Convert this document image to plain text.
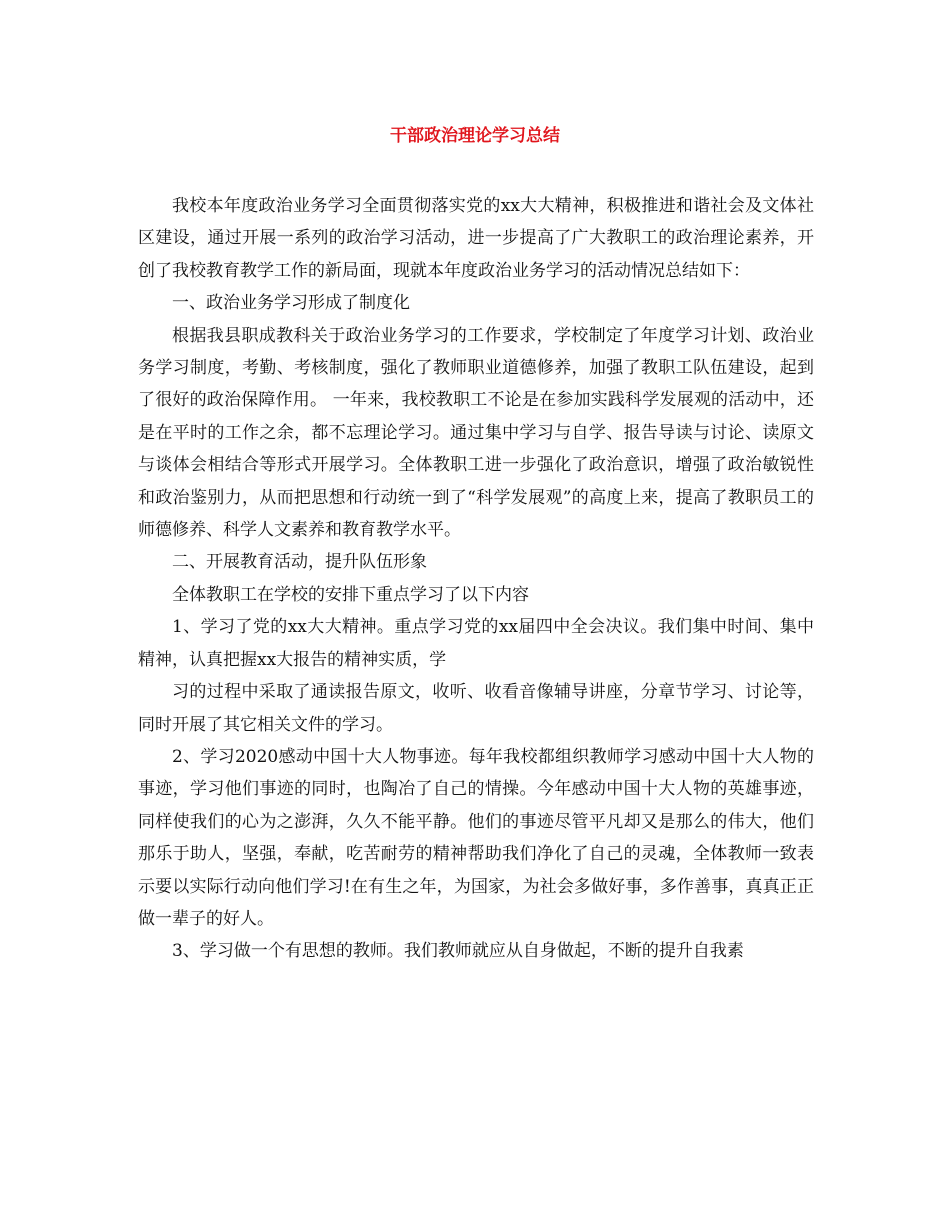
干部政治理论学习总结

我校本年度政治业务学习全面贯彻落实党的xx大大精神，积极推进和谐社会及文体社区建设，通过开展一系列的政治学习活动，进一步提高了广大教职工的政治理论素养，开创了我校教育教学工作的新局面，现就本年度政治业务学习的活动情况总结如下：

一、政治业务学习形成了制度化

根据我县职成教科关于政治业务学习的工作要求，学校制定了年度学习计划、政治业务学习制度，考勤、考核制度，强化了教师职业道德修养，加强了教职工队伍建设，起到了很好的政治保障作用。 一年来，我校教职工不论是在参加实践科学发展观的活动中，还是在平时的工作之余，都不忘理论学习。通过集中学习与自学、报告导读与讨论、读原文与谈体会相结合等形式开展学习。全体教职工进一步强化了政治意识，增强了政治敏锐性和政治鉴别力，从而把思想和行动统一到了“科学发展观”的高度上来，提高了教职员工的师德修养、科学人文素养和教育教学水平。

二、开展教育活动，提升队伍形象

全体教职工在学校的安排下重点学习了以下内容

1、学习了党的xx大大精神。重点学习党的xx届四中全会决议。我们集中时间、集中精神，认真把握xx大报告的精神实质，学

习的过程中采取了通读报告原文，收听、收看音像辅导讲座，分章节学习、讨论等，同时开展了其它相关文件的学习。

2、学习2020感动中国十大人物事迹。每年我校都组织教师学习感动中国十大人物的事迹，学习他们事迹的同时，也陶冶了自己的情操。今年感动中国十大人物的英雄事迹，同样使我们的心为之澎湃，久久不能平静。他们的事迹尽管平凡却又是那么的伟大，他们那乐于助人，坚强，奉献，吃苦耐劳的精神帮助我们净化了自己的灵魂，全体教师一致表示要以实际行动向他们学习!在有生之年，为国家，为社会多做好事，多作善事，真真正正做一辈子的好人。

3、学习做一个有思想的教师。我们教师就应从自身做起，不断的提升自我素
